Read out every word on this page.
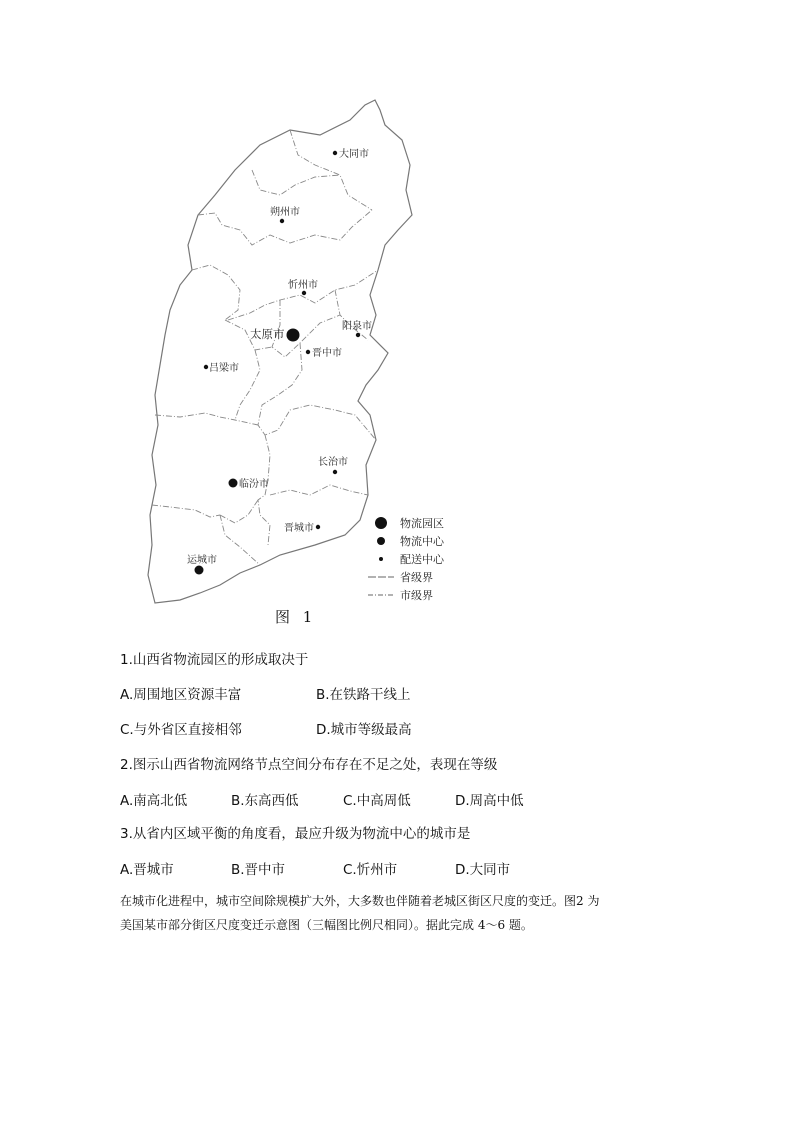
大同市
朔州市
忻州市
太原市
阳泉市
晋中市
吕梁市
长治市
临汾市
晋城市
运城市
物流园区
物流中心
配送中心
省级界
市级界
图 1
1.山西省物流园区的形成取决于
A.周围地区资源丰富	B.在铁路干线上
C.与外省区直接相邻	D.城市等级最高
2.图示山西省物流网络节点空间分布存在不足之处，表现在等级
A.南高北低	B.东高西低	C.中高周低	D.周高中低
3.从省内区域平衡的角度看，最应升级为物流中心的城市是
A.晋城市	B.晋中市	C.忻州市	D.大同市
在城市化进程中，城市空间除规模扩大外，大多数也伴随着老城区街区尺度的变迁。图2 为
美国某市部分街区尺度变迁示意图（三幅图比例尺相同）。据此完成 4～6 题。
